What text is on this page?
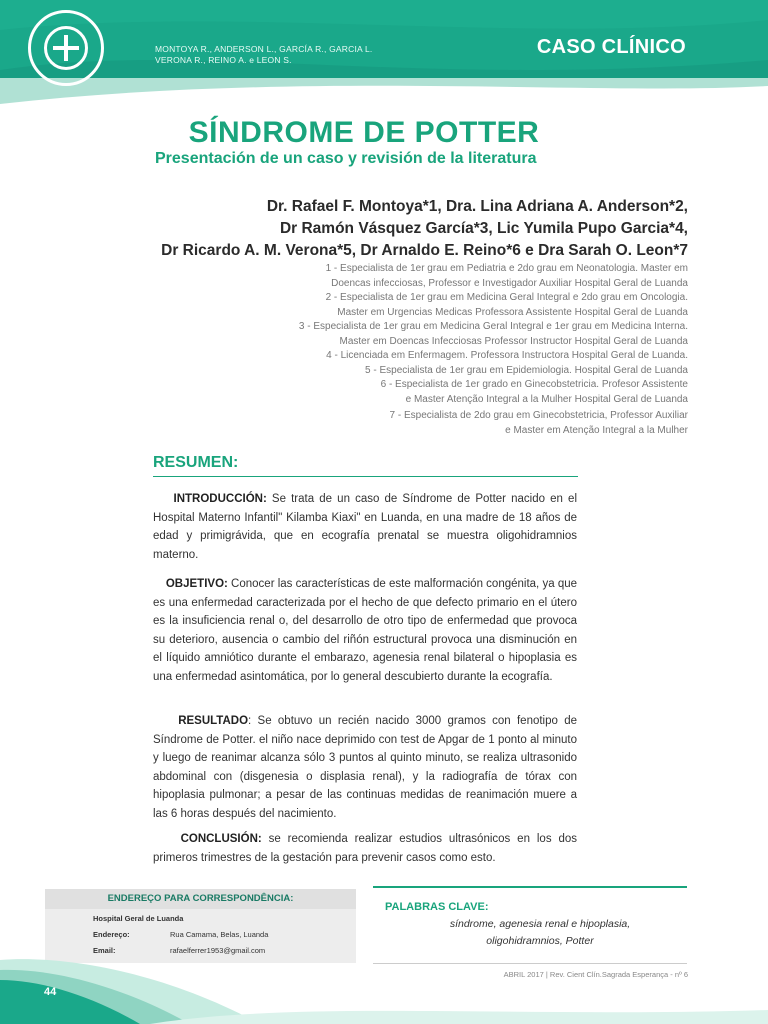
MONTOYA R., ANDERSON L., GARCÍA R., GARCIA L.
VERONA R., REINO A. e LEON S.
CASO CLÍNICO
SÍNDROME DE POTTER
Presentación de un caso y revisión de la literatura
Dr. Rafael F. Montoya*1, Dra. Lina Adriana A. Anderson*2,
Dr Ramón Vásquez García*3, Lic Yumila Pupo Garcia*4,
Dr Ricardo A. M. Verona*5, Dr Arnaldo E. Reino*6 e Dra Sarah O. Leon*7
1 - Especialista de 1er grau em Pediatria e 2do grau em Neonatologia. Master em
Doencas infecciosas, Professor e Investigador Auxiliar Hospital Geral de Luanda
2 - Especialista de 1er grau em Medicina Geral Integral e 2do grau em Oncologia.
Master em Urgencias Medicas Professora Assistente Hospital Geral de Luanda
3 - Especialista de 1er grau em Medicina Geral Integral e 1er grau em Medicina Interna.
Master em Doencas Infecciosas Professor Instructor Hospital Geral de Luanda
4 - Licenciada em Enfermagem. Professora Instructora Hospital Geral de Luanda.
5 - Especialista de 1er grau em Epidemiologia. Hospital Geral de Luanda
6 - Especialista de 1er grado en Ginecobstetricia. Profesor Assistente
e Master Atenção Integral a la Mulher Hospital Geral de Luanda
7 - Especialista de 2do grau em Ginecobstetricia, Professor Auxiliar
e Master em Atenção Integral a la Mulher
RESUMEN:
INTRODUCCIÓN: Se trata de un caso de Síndrome de Potter nacido en el Hospital Materno Infantil" Kilamba Kiaxi" en Luanda, en una madre de 18 años de edad y primigrávida, que en ecografía prenatal se muestra oligohidramnios materno.
OBJETIVO: Conocer las características de este malformación congénita, ya que es una enfermedad caracterizada por el hecho de que defecto primario en el útero es la insuficiencia renal o, del desarrollo de otro tipo de enfermedad que provoca su deterioro, ausencia o cambio del riñón estructural provoca una disminución en el líquido amniótico durante el embarazo, agenesia renal bilateral o hipoplasia es una enfermedad asintomática, por lo general descubierto durante la ecografía.
RESULTADO: Se obtuvo un recién nacido 3000 gramos con fenotipo de Síndrome de Potter. el niño nace deprimido con test de Apgar de 1 ponto al minuto y luego de reanimar alcanza sólo 3 puntos al quinto minuto, se realiza ultrasonido abdominal con (disgenesia o displasia renal), y la radiografía de tórax con hipoplasia pulmonar; a pesar de las continuas medidas de reanimación muere a las 6 horas después del nacimiento.
CONCLUSIÓN: se recomienda realizar estudios ultrasónicos en los dos primeros trimestres de la gestación para prevenir casos como esto.
ENDEREÇO PARA CORRESPONDÊNCIA:
Hospital Geral de Luanda
Endereço:	Rua Camama, Belas, Luanda
Email:	rafaelferrer1953@gmail.com
PALABRAS CLAVE:
síndrome, agenesia renal e hipoplasia,
oligohidramnios, Potter
ABRIL 2017 | Rev. Cient Clín.Sagrada Esperança - nº 6
44
